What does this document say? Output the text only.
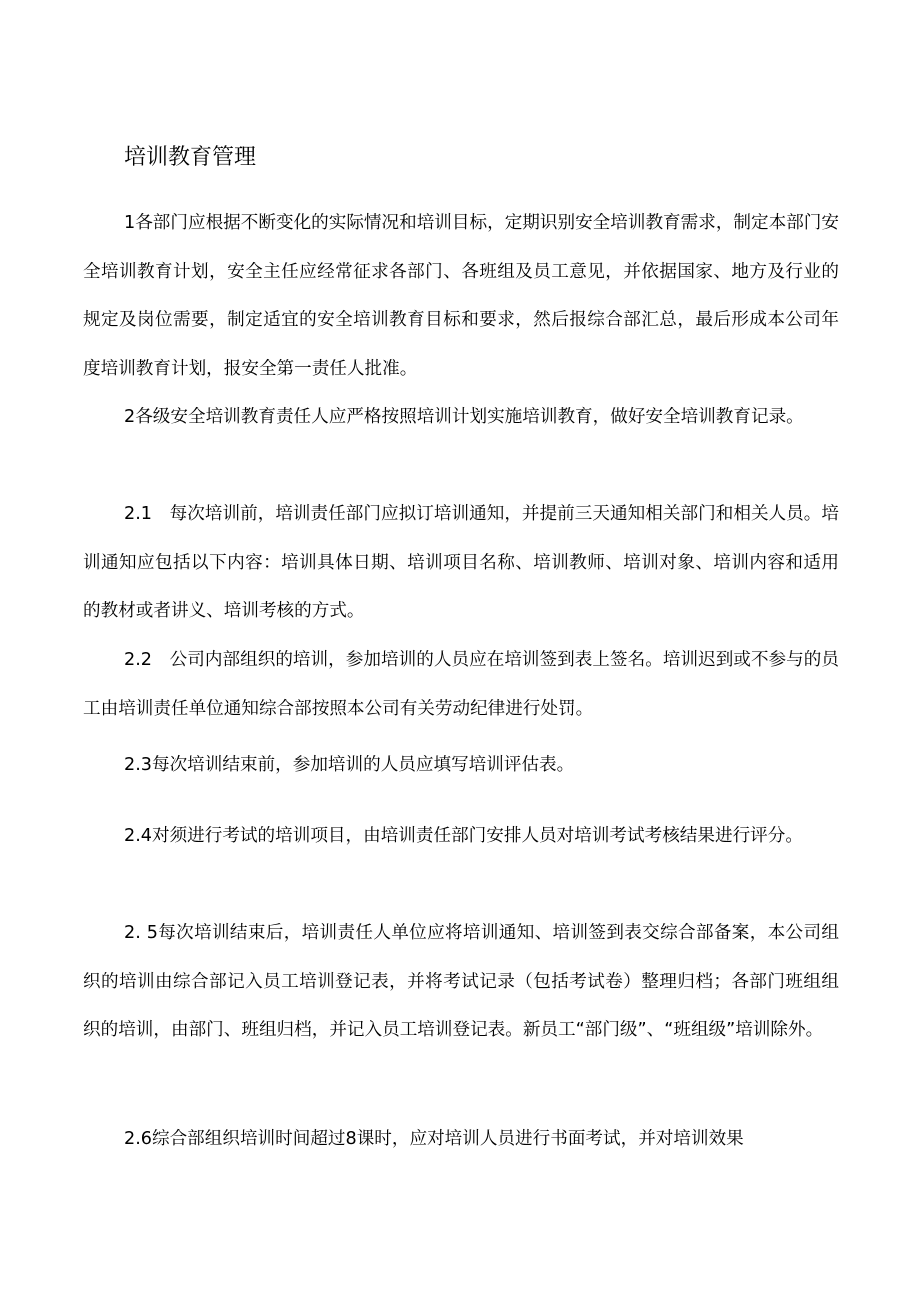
培训教育管理

1各部门应根据不断变化的实际情况和培训目标，定期识别安全培训教育需求，制定本部门安全培训教育计划，安全主任应经常征求各部门、各班组及员工意见，并依据国家、地方及行业的规定及岗位需要，制定适宜的安全培训教育目标和要求，然后报综合部汇总，最后形成本公司年度培训教育计划，报安全第一责任人批准。

2各级安全培训教育责任人应严格按照培训计划实施培训教育，做好安全培训教育记录。

2.1　每次培训前，培训责任部门应拟订培训通知，并提前三天通知相关部门和相关人员。培训通知应包括以下内容：培训具体日期、培训项目名称、培训教师、培训对象、培训内容和适用的教材或者讲义、培训考核的方式。

2.2　公司内部组织的培训，参加培训的人员应在培训签到表上签名。培训迟到或不参与的员工由培训责任单位通知综合部按照本公司有关劳动纪律进行处罚。

2.3每次培训结束前，参加培训的人员应填写培训评估表。

2.4对须进行考试的培训项目，由培训责任部门安排人员对培训考试考核结果进行评分。

2. 5每次培训结束后，培训责任人单位应将培训通知、培训签到表交综合部备案，本公司组织的培训由综合部记入员工培训登记表，并将考试记录（包括考试卷）整理归档；各部门班组组织的培训，由部门、班组归档，并记入员工培训登记表。新员工“部门级”、“班组级”培训除外。

2.6综合部组织培训时间超过8课时，应对培训人员进行书面考试，并对培训效果
